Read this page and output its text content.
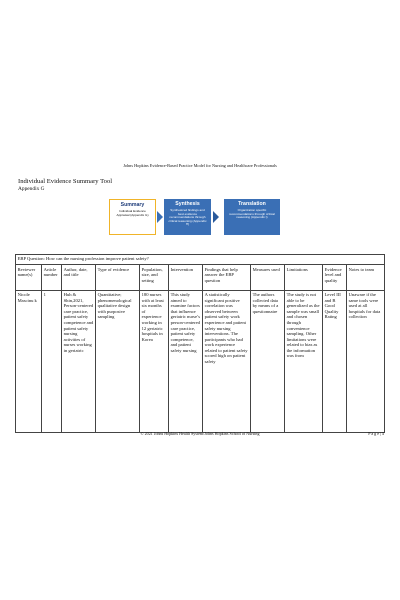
Johns Hopkins Evidence-Based Practice Model for Nursing and Healthcare Professionals
Individual Evidence Summary Tool
Appendix G
Summary
Individual Evidence Appraisal (Appendix G)
Synthesis
Synthesized findings and best evidence recommendations through critical reasoning (Appendix H)
Translation
Organization specific recommendations through critical reasoning (Appendix I)
EBP Question: How can the nursing profession improve patient safety?										
Reviewer name(s)	Article number	Author, date, and title	Type of evidence	Population, size, and setting	Intervention	Findings that help answer the EBP question	Measures used	Limitations	Evidence level and quality	Notes to team
Nicole Mascinu k	1	Huh & Shin,2021, Person-centered care practice, patient safety competence and patient safety nursing activities of nurses working in geriatric	Quantitative; phenomenological qualitative design with purposive sampling	180 nurses with at least six months of experience working in 12 geriatric hospitals in Korea	This study aimed to examine factors that influence geriatric nurse’s person-centered care practice, patient safety competence, and patient safety nursing	A statistically significant positive correlation was observed between patient safety work experience and patient safety nursing interventions. The participants who had work experience related to patient safety scored high on patient safety	The authors collected data by means of a questionnaire	The study is not able to be generalized as the sample was small and chosen through convenience sampling. Other limitations were related to bias as the information was from	Level III and B Good Quality Rating	Unaware if the same tools were used at all hospitals for data collection
© 2021 Johns Hopkins Health System/Johns Hopkins School of Nursing	P a g e | 1
